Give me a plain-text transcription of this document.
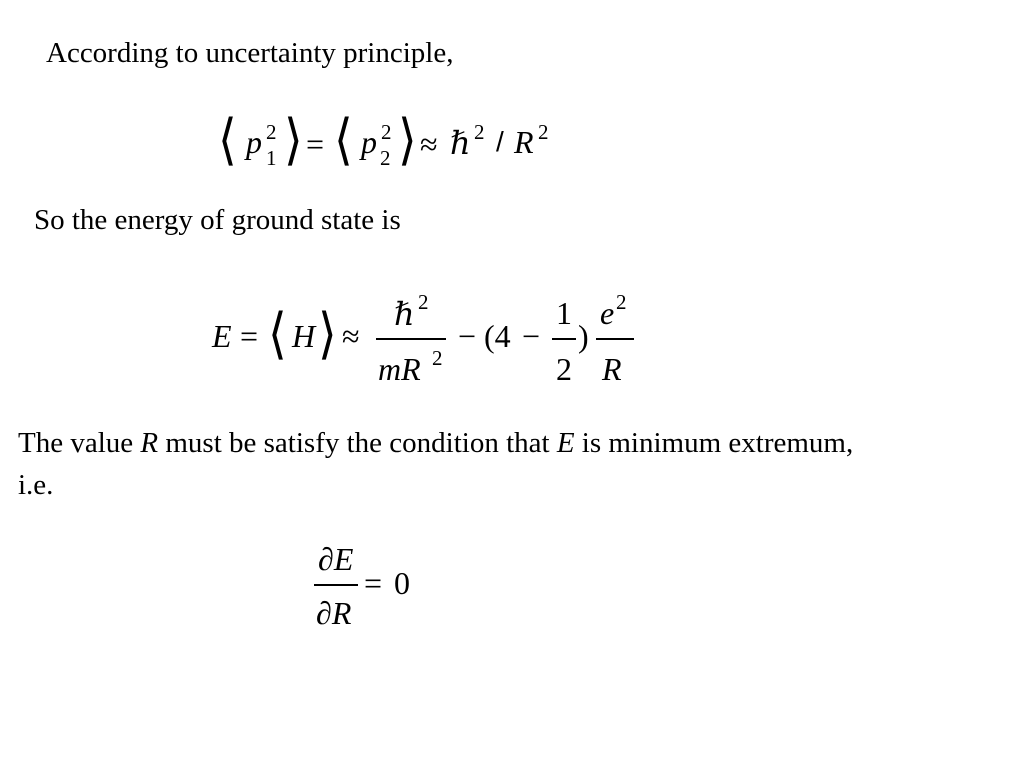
According to uncertainty principle,
⟨ p 2
1 ⟩ = ⟨ p 2
2 ⟩ ≈ ℏ 2 / R 2
So the energy of ground state is
E = ⟨ H ⟩ ≈
ℏ 2
mR 2
− (4 −
1
2
)
e 2
R
The value R must be satisfy the condition that E is minimum extremum,
i.e.
∂E
∂R
= 0
